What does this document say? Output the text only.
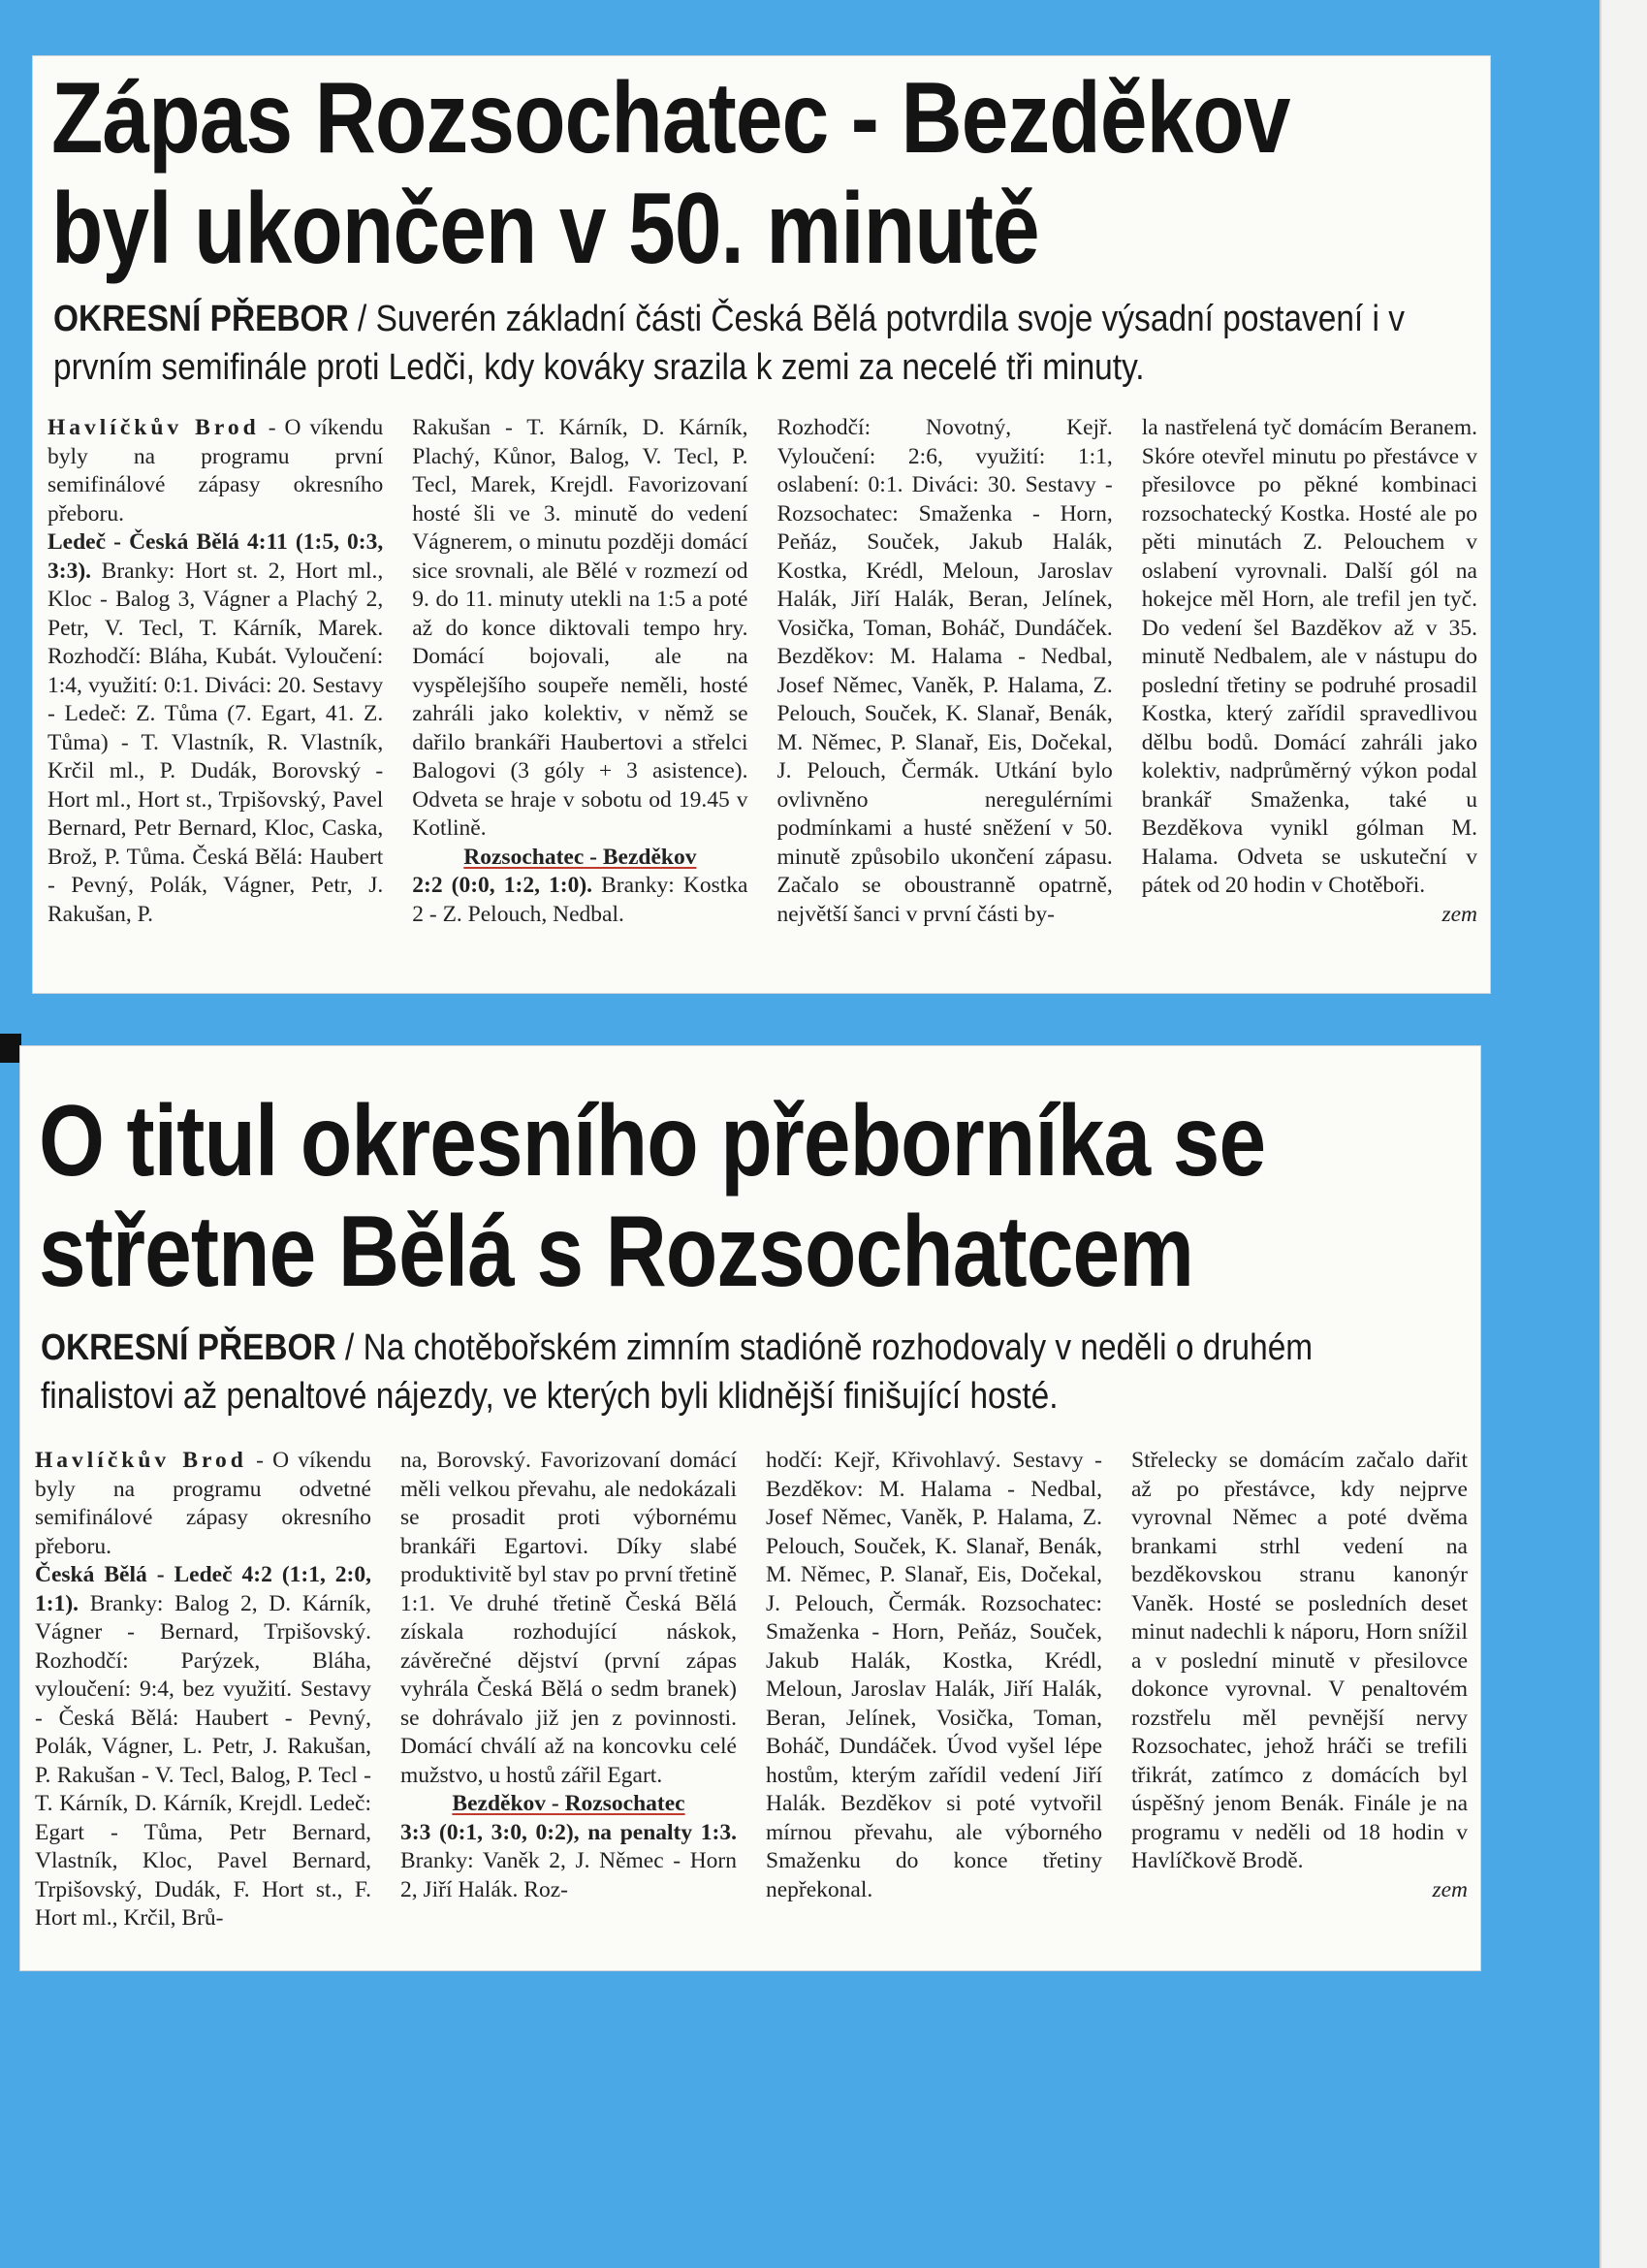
Zápas Rozsochatec - Bezděkov
byl ukončen v 50. minutě
OKRESNÍ PŘEBOR / Suverén základní části Česká Bělá potvrdila svoje výsadní postavení i v prvním semifinále proti Ledči, kdy kováky srazila k zemi za necelé tři minuty.
Havlíčkův Brod - O víkendu byly na programu první semifinálové zápasy okresního přeboru.
Ledeč - Česká Bělá 4:11 (1:5, 0:3, 3:3). Branky: Hort st. 2, Hort ml., Kloc - Balog 3, Vágner a Plachý 2, Petr, V. Tecl, T. Kárník, Marek. Rozhodčí: Bláha, Kubát. Vyloučení: 1:4, využití: 0:1. Diváci: 20. Sestavy - Ledeč: Z. Tůma (7. Egart, 41. Z. Tůma) - T. Vlastník, R. Vlastník, Krčil ml., P. Dudák, Borovský - Hort ml., Hort st., Trpišovský, Pavel Bernard, Petr Bernard, Kloc, Caska, Brož, P. Tůma. Česká Bělá: Haubert - Pevný, Polák, Vágner, Petr, J. Rakušan, P.
Rakušan - T. Kárník, D. Kárník, Plachý, Kůnor, Balog, V. Tecl, P. Tecl, Marek, Krejdl. Favorizovaní hosté šli ve 3. minutě do vedení Vágnerem, o minutu později domácí sice srovnali, ale Bělé v rozmezí od 9. do 11. minuty utekli na 1:5 a poté až do konce diktovali tempo hry. Domácí bojovali, ale na vyspělejšího soupeře neměli, hosté zahráli jako kolektiv, v němž se dařilo brankáři Haubertovi a střelci Balogovi (3 góly + 3 asistence). Odveta se hraje v sobotu od 19.45 v Kotlině.
Rozsochatec - Bezděkov
2:2 (0:0, 1:2, 1:0). Branky: Kostka 2 - Z. Pelouch, Nedbal.
Rozhodčí: Novotný, Kejř. Vyloučení: 2:6, využití: 1:1, oslabení: 0:1. Diváci: 30. Sestavy - Rozsochatec: Smaženka - Horn, Peňáz, Souček, Jakub Halák, Kostka, Krédl, Meloun, Jaroslav Halák, Jiří Halák, Beran, Jelínek, Vosička, Toman, Boháč, Dundáček. Bezděkov: M. Halama - Nedbal, Josef Němec, Vaněk, P. Halama, Z. Pelouch, Souček, K. Slanař, Benák, M. Němec, P. Slanař, Eis, Dočekal, J. Pelouch, Čermák. Utkání bylo ovlivněno neregulérními podmínkami a husté sněžení v 50. minutě způsobilo ukončení zápasu. Začalo se oboustranně opatrně, největší šanci v první části by-
la nastřelená tyč domácím Beranem. Skóre otevřel minutu po přestávce v přesilovce po pěkné kombinaci rozsochatecký Kostka. Hosté ale po pěti minutách Z. Pelouchem v oslabení vyrovnali. Další gól na hokejce měl Horn, ale trefil jen tyč. Do vedení šel Bazděkov až v 35. minutě Nedbalem, ale v nástupu do poslední třetiny se podruhé prosadil Kostka, který zařídil spravedlivou dělbu bodů. Domácí zahráli jako kolektiv, nadprůměrný výkon podal brankář Smaženka, také u Bezděkova vynikl gólman M. Halama. Odveta se uskuteční v pátek od 20 hodin v Chotěboři.
zem
O titul okresního přeborníka se
střetne Bělá s Rozsochatcem
OKRESNÍ PŘEBOR / Na chotěbořském zimním stadióně rozhodovaly v neděli o druhém finalistovi až penaltové nájezdy, ve kterých byli klidnější finišující hosté.
Havlíčkův Brod - O víkendu byly na programu odvetné semifinálové zápasy okresního přeboru.
Česká Bělá - Ledeč 4:2 (1:1, 2:0, 1:1). Branky: Balog 2, D. Kárník, Vágner - Bernard, Trpišovský. Rozhodčí: Parýzek, Bláha, vyloučení: 9:4, bez využití. Sestavy - Česká Bělá: Haubert - Pevný, Polák, Vágner, L. Petr, J. Rakušan, P. Rakušan - V. Tecl, Balog, P. Tecl - T. Kárník, D. Kárník, Krejdl. Ledeč: Egart - Tůma, Petr Bernard, Vlastník, Kloc, Pavel Bernard, Trpišovský, Dudák, F. Hort st., F. Hort ml., Krčil, Brů-
na, Borovský. Favorizovaní domácí měli velkou převahu, ale nedokázali se prosadit proti výbornému brankáři Egartovi. Díky slabé produktivitě byl stav po první třetině 1:1. Ve druhé třetině Česká Bělá získala rozhodující náskok, závěrečné dějství (první zápas vyhrála Česká Bělá o sedm branek) se dohrávalo již jen z povinnosti. Domácí chválí až na koncovku celé mužstvo, u hostů zářil Egart.
Bezděkov - Rozsochatec
3:3 (0:1, 3:0, 0:2), na penalty 1:3. Branky: Vaněk 2, J. Němec - Horn 2, Jiří Halák. Roz-
hodčí: Kejř, Křivohlavý. Sestavy - Bezděkov: M. Halama - Nedbal, Josef Němec, Vaněk, P. Halama, Z. Pelouch, Souček, K. Slanař, Benák, M. Němec, P. Slanař, Eis, Dočekal, J. Pelouch, Čermák. Rozsochatec: Smaženka - Horn, Peňáz, Souček, Jakub Halák, Kostka, Krédl, Meloun, Jaroslav Halák, Jiří Halák, Beran, Jelínek, Vosička, Toman, Boháč, Dundáček. Úvod vyšel lépe hostům, kterým zařídil vedení Jiří Halák. Bezděkov si poté vytvořil mírnou převahu, ale výborného Smaženku do konce třetiny nepřekonal.
Střelecky se domácím začalo dařit až po přestávce, kdy nejprve vyrovnal Němec a poté dvěma brankami strhl vedení na bezděkovskou stranu kanonýr Vaněk. Hosté se posledních deset minut nadechli k náporu, Horn snížil a v poslední minutě v přesilovce dokonce vyrovnal. V penaltovém rozstřelu měl pevnější nervy Rozsochatec, jehož hráči se trefili třikrát, zatímco z domácích byl úspěšný jenom Benák. Finále je na programu v neděli od 18 hodin v Havlíčkově Brodě.
zem
